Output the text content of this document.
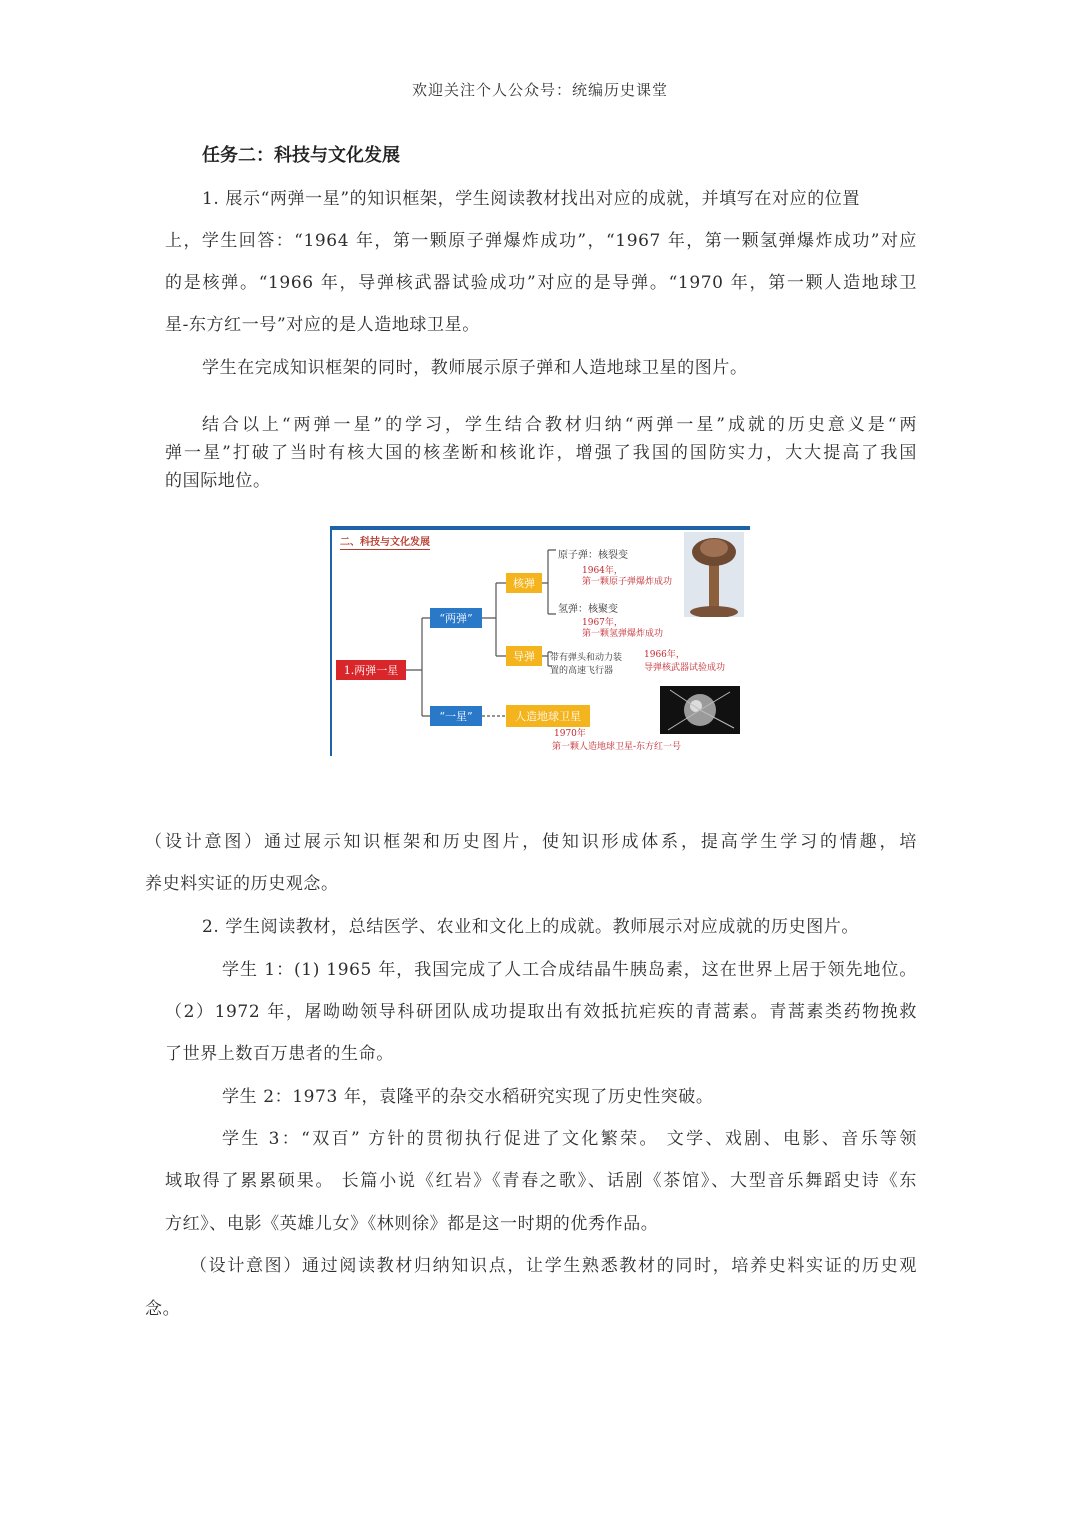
欢迎关注个人公众号：统编历史课堂
任务二：科技与文化发展
1. 展示“两弹一星”的知识框架，学生阅读教材找出对应的成就，并填写在对应的位置
上，学生回答：“1964 年，第一颗原子弹爆炸成功”，“1967 年，第一颗氢弹爆炸成功”对应
的是核弹。“1966 年，导弹核武器试验成功”对应的是导弹。“1970 年，第一颗人造地球卫
星-东方红一号”对应的是人造地球卫星。
学生在完成知识框架的同时，教师展示原子弹和人造地球卫星的图片。
结合以上“两弹一星”的学习，学生结合教材归纳“两弹一星”成就的历史意义是“两
弹一星”打破了当时有核大国的核垄断和核讹诈，增强了我国的国防实力，大大提高了我国
的国际地位。
二、科技与文化发展
1.两弹一星
“两弹”
“一星”
核弹
导弹
人造地球卫星
原子弹：核裂变
1964年，
第一颗原子弹爆炸成功
氢弹：核聚变
1967年，
第一颗氢弹爆炸成功
带有弹头和动力装
置的高速飞行器
1966年，
导弹核武器试验成功
1970年
第一颗人造地球卫星-东方红一号
（设计意图）通过展示知识框架和历史图片，使知识形成体系，提高学生学习的情趣，培
养史料实证的历史观念。
2. 学生阅读教材，总结医学、农业和文化上的成就。教师展示对应成就的历史图片。
学生 1：(1) 1965 年，我国完成了人工合成结晶牛胰岛素，这在世界上居于领先地位。
（2）1972 年，屠呦呦领导科研团队成功提取出有效抵抗疟疾的青蒿素。青蒿素类药物挽救
了世界上数百万患者的生命。
学生 2：1973 年，袁隆平的杂交水稻研究实现了历史性突破。
学生 3：“双百” 方针的贯彻执行促进了文化繁荣。 文学、戏剧、电影、音乐等领
域取得了累累硕果。 长篇小说《红岩》《青春之歌》、话剧《茶馆》、大型音乐舞蹈史诗《东
方红》、电影《英雄儿女》《林则徐》都是这一时期的优秀作品。
（设计意图）通过阅读教材归纳知识点，让学生熟悉教材的同时，培养史料实证的历史观
念。
